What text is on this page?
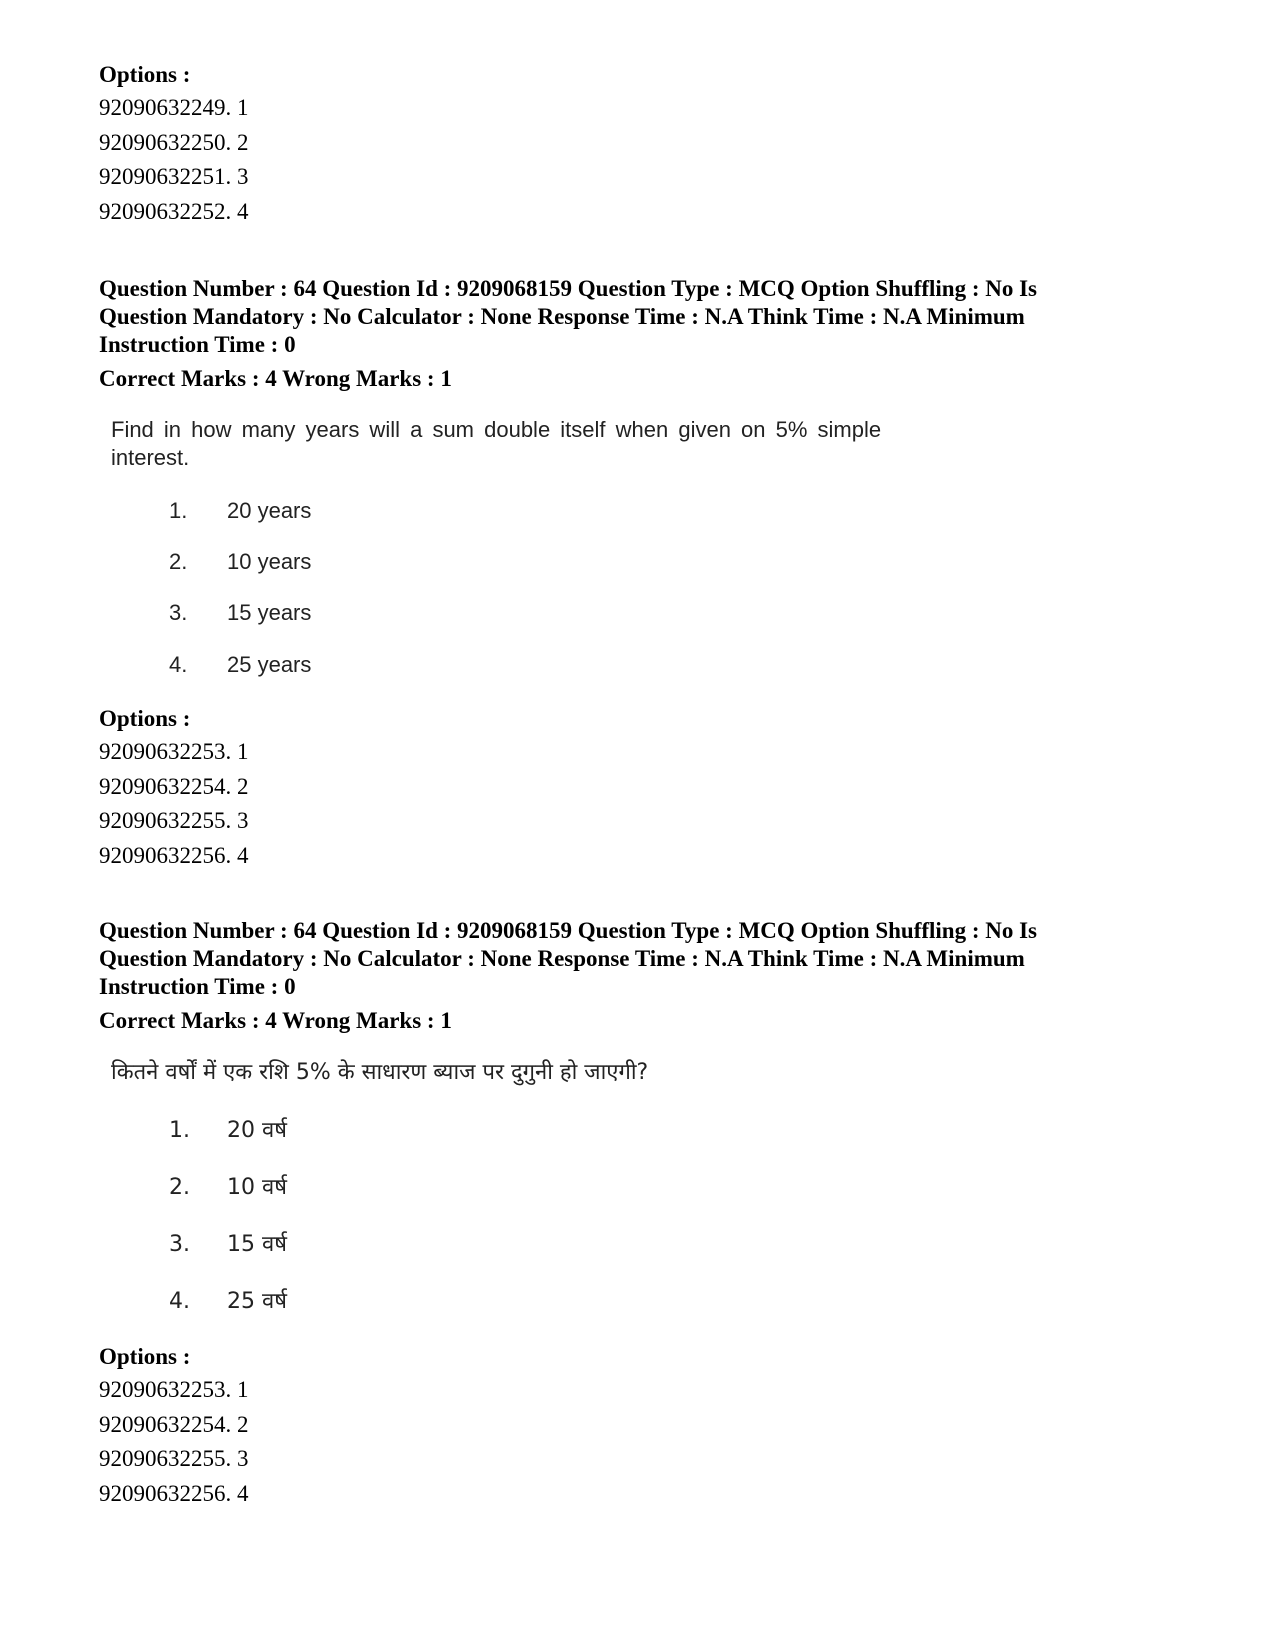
Options :
92090632249. 1
92090632250. 2
92090632251. 3
92090632252. 4
Question Number : 64 Question Id : 9209068159 Question Type : MCQ Option Shuffling : No Is
Question Mandatory : No Calculator : None Response Time : N.A Think Time : N.A Minimum
Instruction Time : 0
Correct Marks : 4 Wrong Marks : 1
Find in how many years will a sum double itself when given on 5% simple
interest.
1. 20 years
2. 10 years
3. 15 years
4. 25 years
Options :
92090632253. 1
92090632254. 2
92090632255. 3
92090632256. 4
Question Number : 64 Question Id : 9209068159 Question Type : MCQ Option Shuffling : No Is
Question Mandatory : No Calculator : None Response Time : N.A Think Time : N.A Minimum
Instruction Time : 0
Correct Marks : 4 Wrong Marks : 1
कितने वर्षों में एक रशि 5% के साधारण ब्याज पर दुगुनी हो जाएगी?
1. 20 वर्ष
2. 10 वर्ष
3. 15 वर्ष
4. 25 वर्ष
Options :
92090632253. 1
92090632254. 2
92090632255. 3
92090632256. 4
